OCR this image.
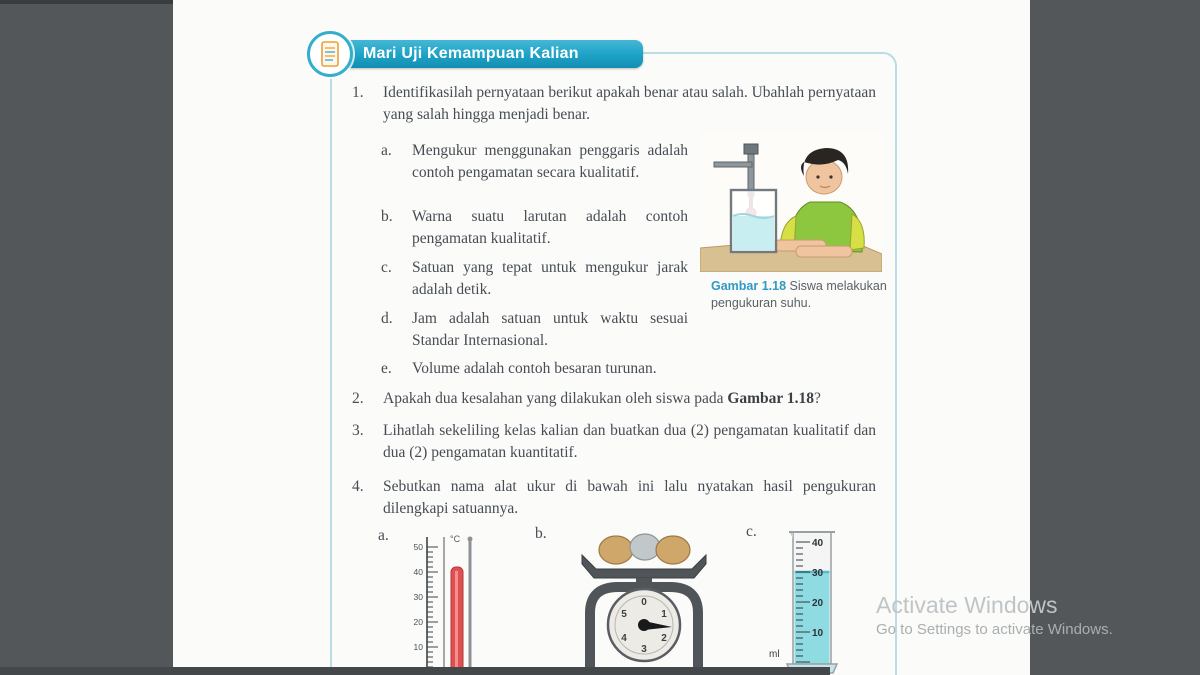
Mari Uji Kemampuan Kalian
1.	Identifikasilah pernyataan berikut apakah benar atau salah. Ubahlah pernyataan yang salah hingga menjadi benar.
a.	Mengukur menggunakan penggaris adalah contoh pengamatan secara kualitatif.
b.	Warna suatu larutan adalah contoh pengamatan kualitatif.
c.	Satuan yang tepat untuk mengukur jarak adalah detik.
d.	Jam adalah satuan untuk waktu sesuai Standar Internasional.
e.	Volume adalah contoh besaran turunan.
Gambar 1.18 Siswa melakukan pengukuran suhu.
2.	Apakah dua kesalahan yang dilakukan oleh siswa pada Gambar 1.18?
3.	Lihatlah sekeliling kelas kalian dan buatkan dua (2) pengamatan kualitatif dan dua (2) pengamatan kuantitatif.
4.	Sebutkan nama alat ukur di bawah ini lalu nyatakan hasil pengukuran dilengkapi satuannya.
a.	b.	c.
°C
50
40
30
20
10
0
1
2
3
4
5
40
30
20
10
ml
Activate Windows
Go to Settings to activate Windows.
